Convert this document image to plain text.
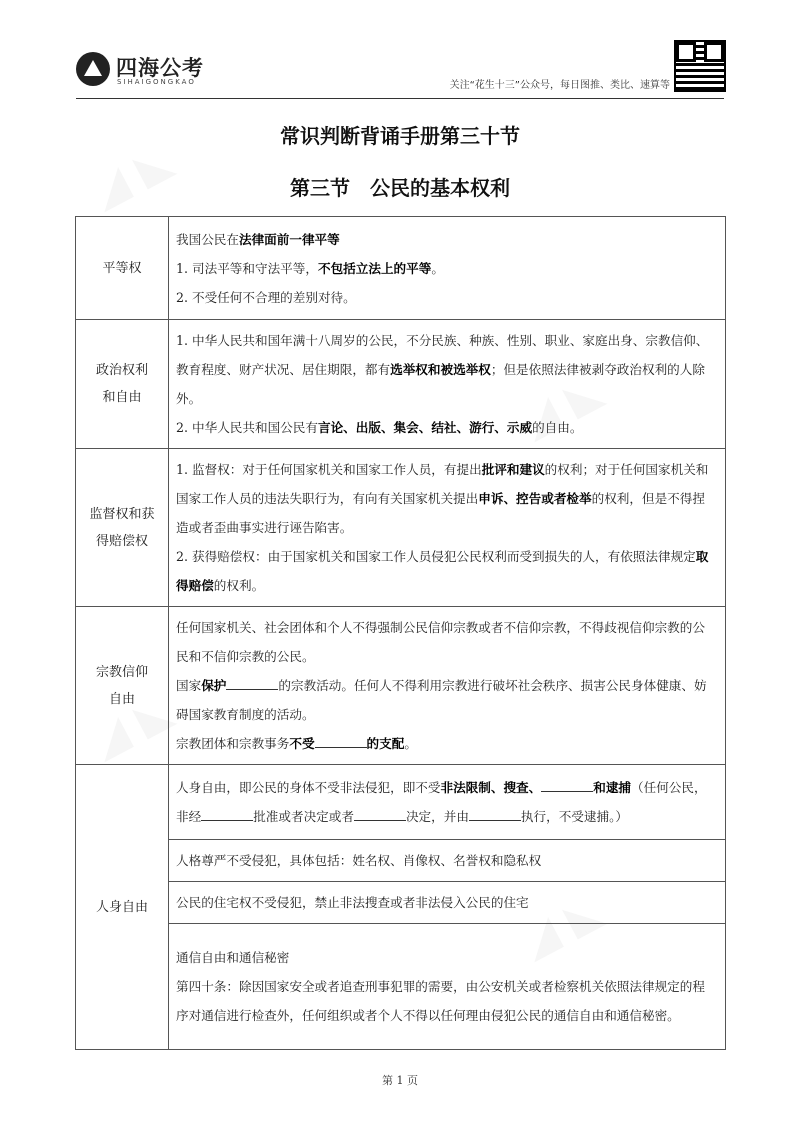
四海公考
SIHAIGONGKAO	关注“花生十三”公众号，每日图推、类比、速算等
常识判断背诵手册第三十节
第三节　公民的基本权利
平等权	我国公民在法律面前一律平等
1. 司法平等和守法平等，不包括立法上的平等。
2. 不受任何不合理的差别对待。

政治权利
和自由	1. 中华人民共和国年满十八周岁的公民，不分民族、种族、性别、职业、家庭出身、宗教信仰、教育程度、财产状况、居住期限，都有选举权和被选举权；但是依照法律被剥夺政治权利的人除外。
2. 中华人民共和国公民有言论、出版、集会、结社、游行、示威的自由。

监督权和获
得赔偿权	1. 监督权：对于任何国家机关和国家工作人员，有提出批评和建议的权利；对于任何国家机关和国家工作人员的违法失职行为，有向有关国家机关提出申诉、控告或者检举的权利，但是不得捏造或者歪曲事实进行诬告陷害。
2. 获得赔偿权：由于国家机关和国家工作人员侵犯公民权利而受到损失的人，有依照法律规定取得赔偿的权利。

宗教信仰
自由	任何国家机关、社会团体和个人不得强制公民信仰宗教或者不信仰宗教，不得歧视信仰宗教的公民和不信仰宗教的公民。
国家保护 的宗教活动。任何人不得利用宗教进行破坏社会秩序、损害公民身体健康、妨碍国家教育制度的活动。
宗教团体和宗教事务不受 的支配。

人身自由	人身自由，即公民的身体不受非法侵犯，即不受非法限制、搜查、 和逮捕（任何公民，非经 批准或者决定或者 决定，并由 执行，不受逮捕。）

	人格尊严不受侵犯，具体包括：姓名权、肖像权、名誉权和隐私权
	公民的住宅权不受侵犯，禁止非法搜查或者非法侵入公民的住宅

	通信自由和通信秘密
第四十条：除因国家安全或者追查刑事犯罪的需要，由公安机关或者检察机关依照法律规定的程序对通信进行检查外，任何组织或者个人不得以任何理由侵犯公民的通信自由和通信秘密。
第 1 页
